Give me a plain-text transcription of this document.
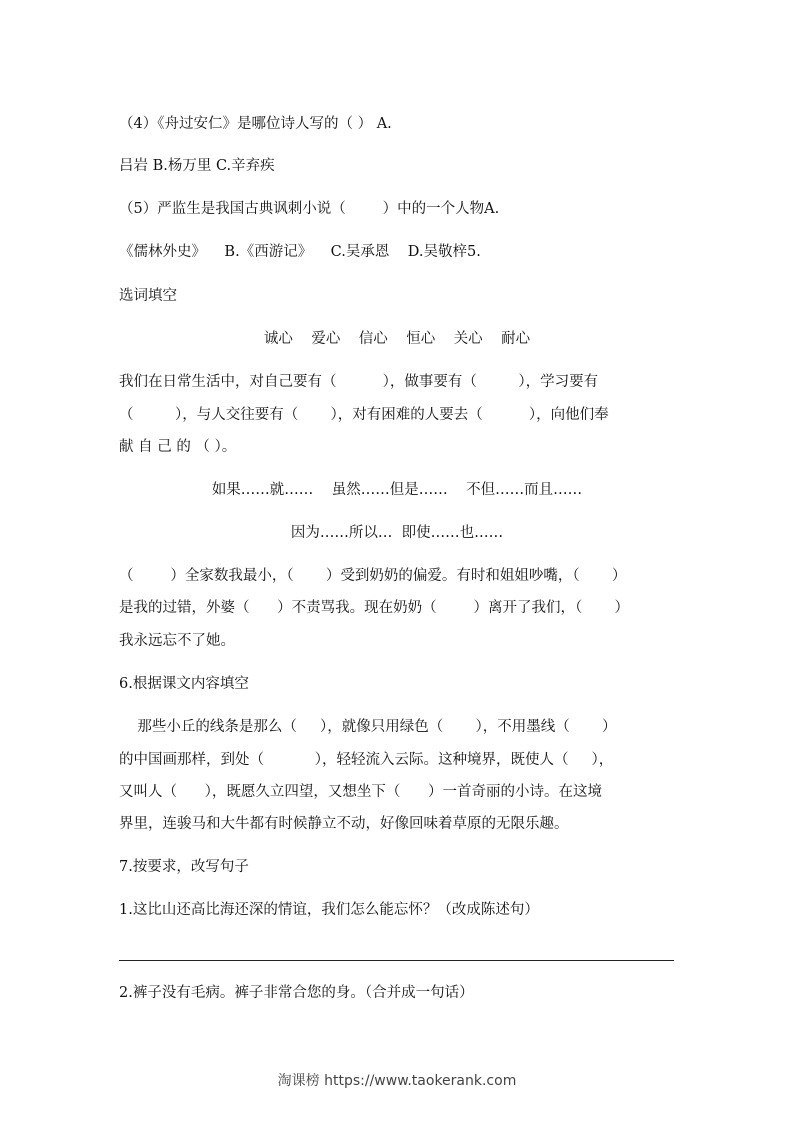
（4）《舟过安仁》是哪位诗人写的（ ） A.
吕岩 B.杨万里 C.辛弃疾
（5）严监生是我国古典讽刺小说（        ）中的一个人物A.
《儒林外史》    B.《西游记》    C.吴承恩    D.吴敬梓5.
选词填空
诚心    爱心    信心    恒心    关心    耐心
我们在日常生活中，对自己要有（          ），做事要有（         ），学习要有
（         ），与人交往要有（       ），对有困难的人要去（          ），向他们奉
献 自 己 的 （ ）。
如果……就……    虽然……但是……    不但……而且……
因为……所以…  即使……也……
（        ）全家数我最小，（       ）受到奶奶的偏爱。有时和姐姐吵嘴，（       ）
是我的过错，外婆（      ）不责骂我。现在奶奶（        ）离开了我们，（       ）
我永远忘不了她。
6.根据课文内容填空
那些小丘的线条是那么（     ），就像只用绿色（       ），不用墨线（       ）
的中国画那样，到处（           ），轻轻流入云际。这种境界，既使人（     ），
又叫人（      ），既愿久立四望，又想坐下（      ）一首奇丽的小诗。在这境
界里，连骏马和大牛都有时候静立不动，好像回味着草原的无限乐趣。
7.按要求，改写句子
1.这比山还高比海还深的情谊，我们怎么能忘怀？（改成陈述句）
2.裤子没有毛病。裤子非常合您的身。（合并成一句话）
淘课榜 https://www.taokerank.com
